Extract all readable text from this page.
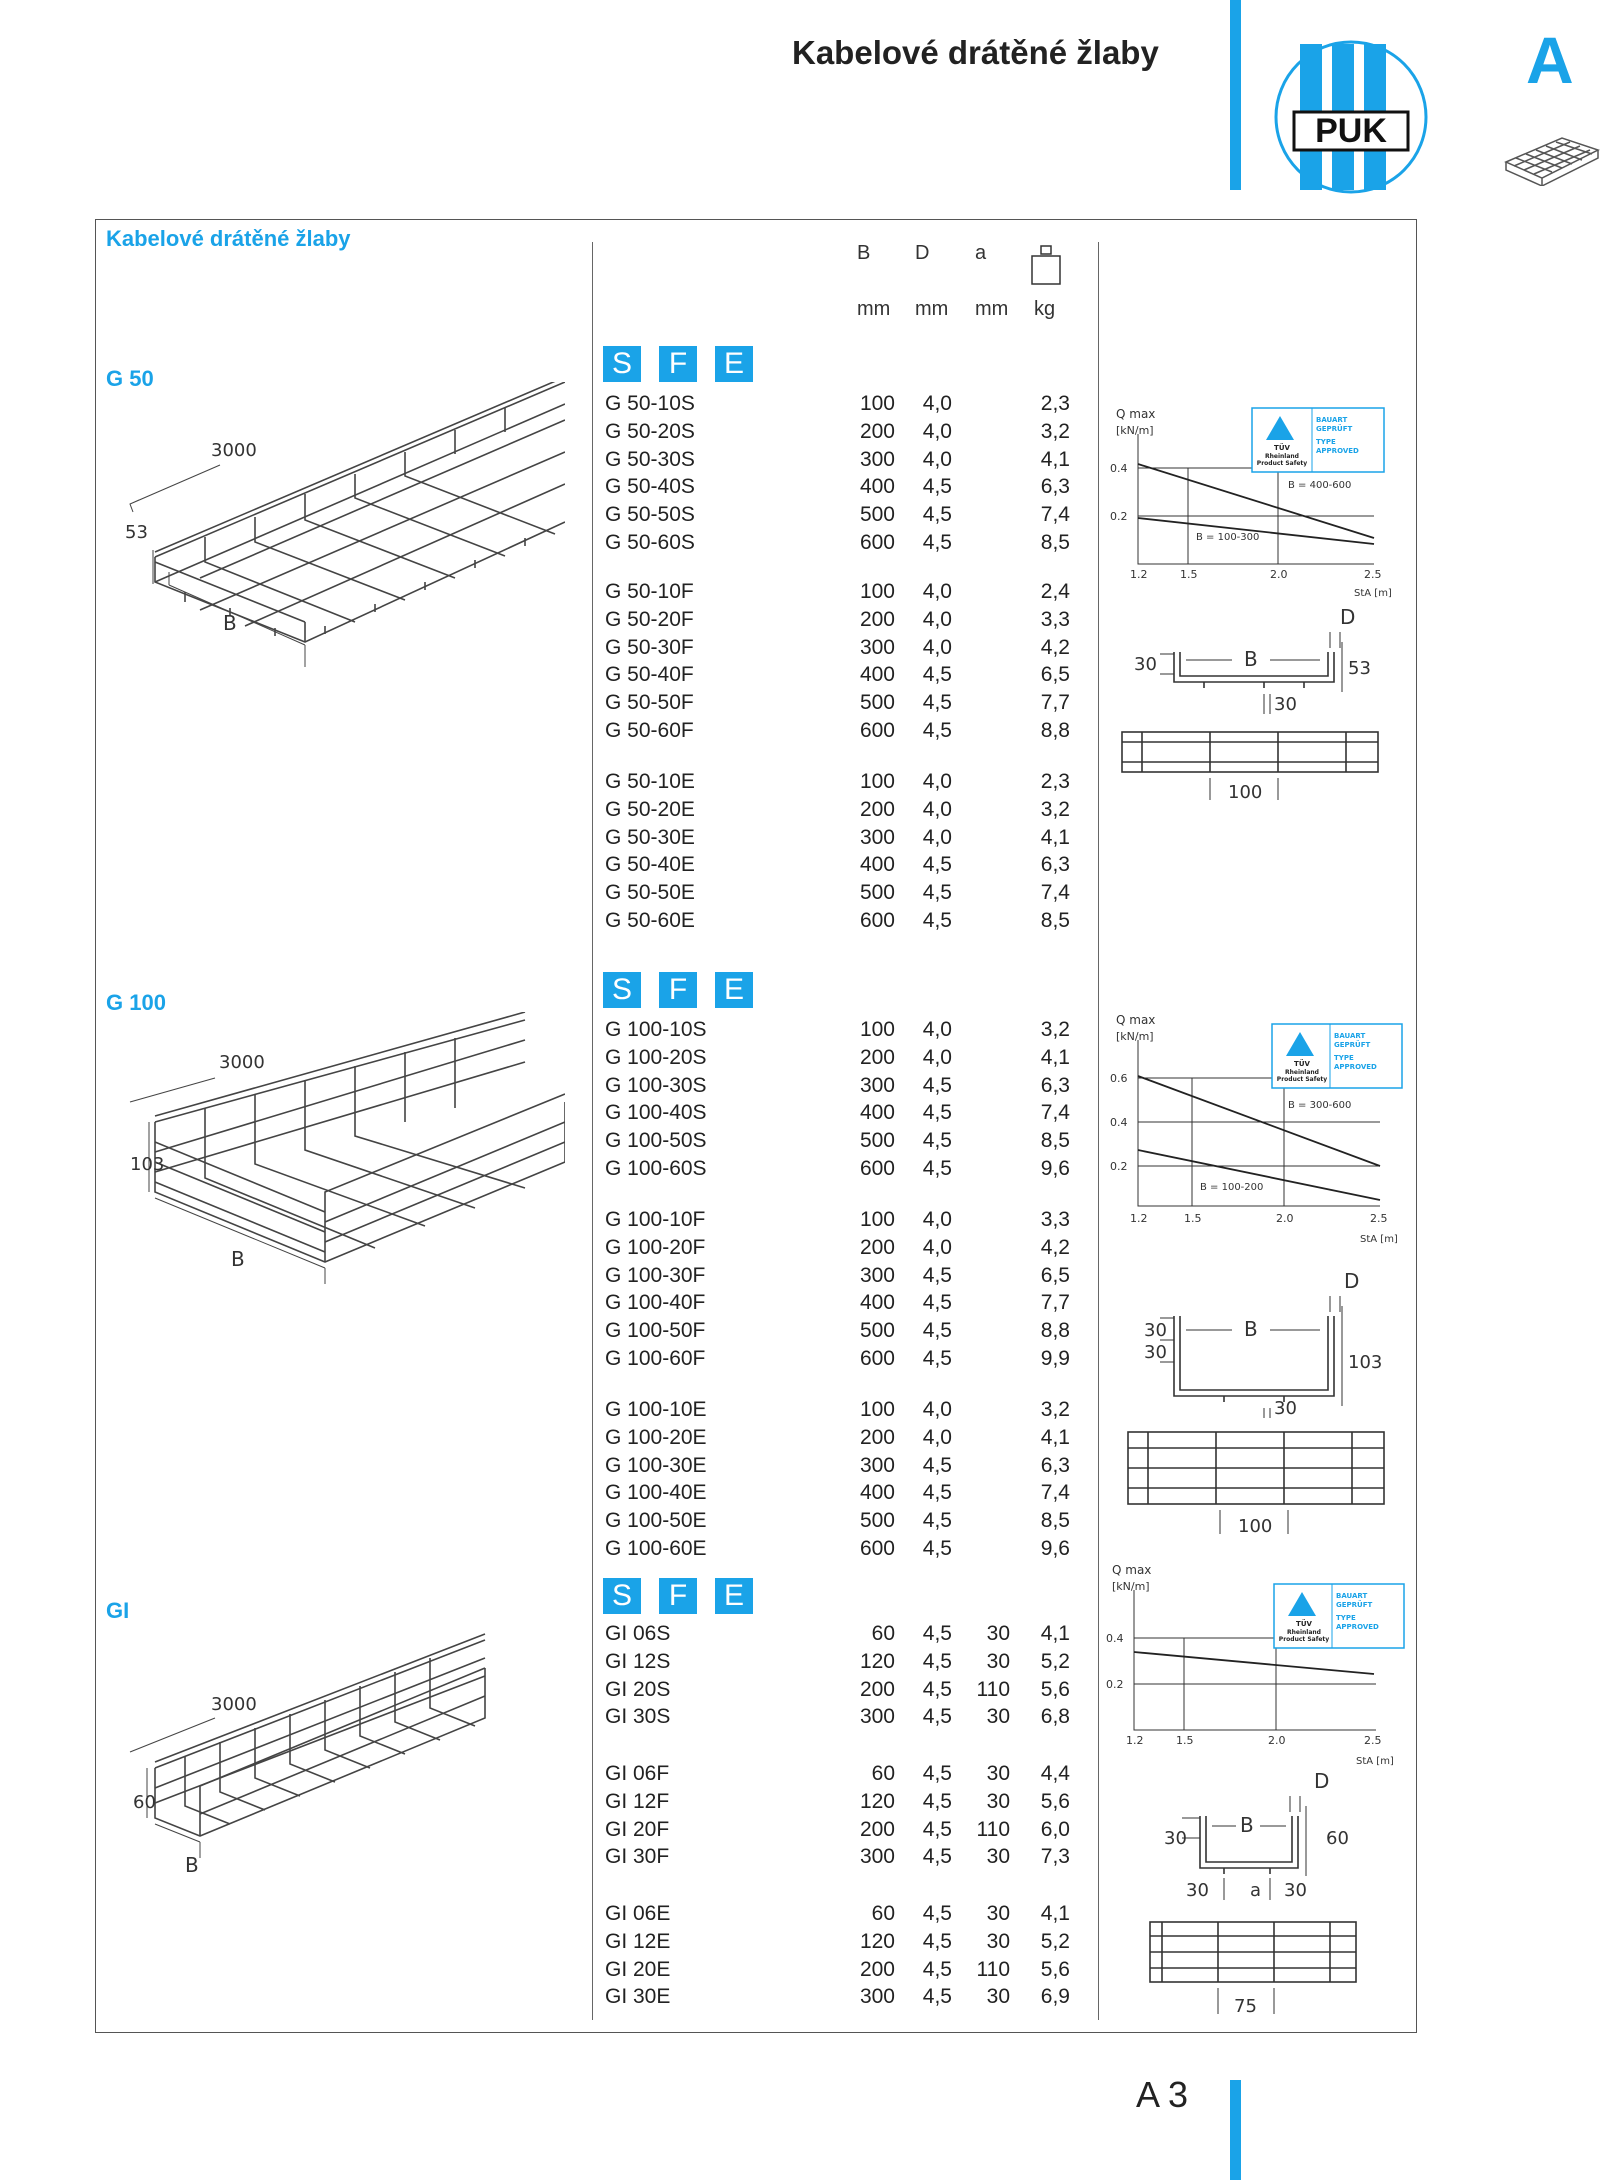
Kabelové drátěné žlaby
PUK
A
Kabelové drátěné žlaby
B D a
mm mm mm kg
G 50
G 100
GI
S	F	E
S	F	E
S	F	E
G 50-10S	100 4,0	2,3
G 50-20S	200 4,0	3,2
G 50-30S	300 4,0	4,1
G 50-40S	400 4,5	6,3
G 50-50S	500 4,5	7,4
G 50-60S	600 4,5	8,5
G 50-10F	100 4,0	2,4
G 50-20F	200 4,0	3,3
G 50-30F	300 4,0	4,2
G 50-40F	400 4,5	6,5
G 50-50F	500 4,5	7,7
G 50-60F	600 4,5	8,8
G 50-10E	100 4,0	2,3
G 50-20E	200 4,0	3,2
G 50-30E	300 4,0	4,1
G 50-40E	400 4,5	6,3
G 50-50E	500 4,5	7,4
G 50-60E	600 4,5	8,5
G 100-10S	100 4,0	3,2
G 100-20S	200 4,0	4,1
G 100-30S	300 4,5	6,3
G 100-40S	400 4,5	7,4
G 100-50S	500 4,5	8,5
G 100-60S	600 4,5	9,6
G 100-10F	100 4,0	3,3
G 100-20F	200 4,0	4,2
G 100-30F	300 4,5	6,5
G 100-40F	400 4,5	7,7
G 100-50F	500 4,5	8,8
G 100-60F	600 4,5	9,9
G 100-10E	100 4,0	3,2
G 100-20E	200 4,0	4,1
G 100-30E	300 4,5	6,3
G 100-40E	400 4,5	7,4
G 100-50E	500 4,5	8,5
G 100-60E	600 4,5	9,6
GI 06S	60 4,5 30 4,1
GI 12S	120 4,5 30 5,2
GI 20S	200 4,5 110 5,6
GI 30S	300 4,5 30 6,8
GI 06F	60 4,5 30 4,4
GI 12F	120 4,5 30 5,6
GI 20F	200 4,5 110 6,0
GI 30F	300 4,5 30 7,3
GI 06E	60 4,5 30 4,1
GI 12E	120 4,5 30 5,2
GI 20E	200 4,5 110 5,6
GI 30E	300 4,5 30 6,9
3000
53
B
3000
103
B
3000
60
B
Q max
[kN/m]
0.4
0.2
1.2	1.5	2.0	2.5
StA [m]
B = 400-600
B = 100-300
TÜV
Rheinland
Product Safety
BAUART
GEPRÜFT
TYPE
APPROVED
Q max
[kN/m]
0.6
0.4
0.2
1.2	1.5	2.0	2.5
StA [m]
B = 300-600
B = 100-200
TÜV
Rheinland
Product Safety
BAUART
GEPRÜFT
TYPE
APPROVED
Q max
[kN/m]
0.4
0.2
1.2	1.5	2.0	2.5
StA [m]
TÜV
Rheinland
Product Safety
BAUART
GEPRÜFT
TYPE
APPROVED
30	B
D
53
30
30
30
B
D
103
30
30
B
D
60
30 a 30
100
100
75
A 3
